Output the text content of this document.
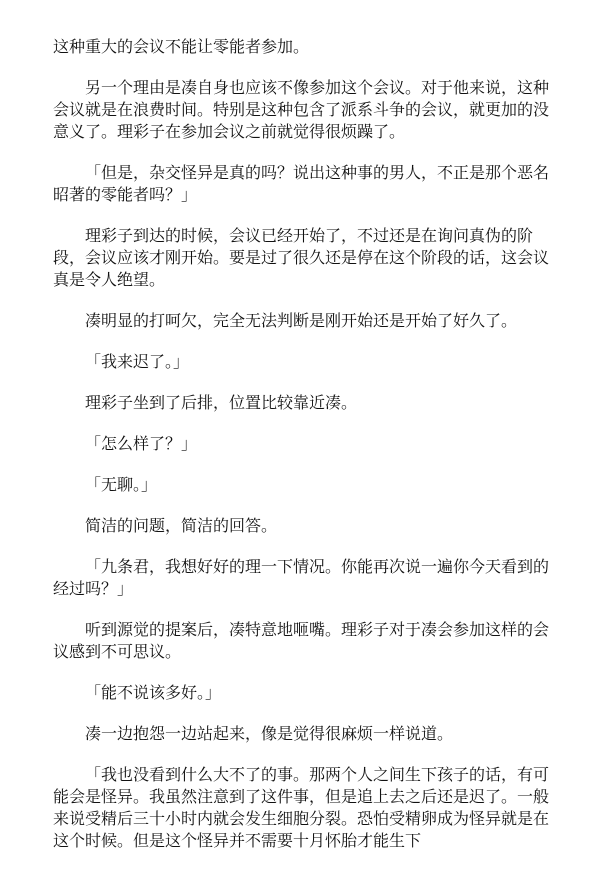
这种重大的会议不能让零能者参加。

另一个理由是凑自身也应该不像参加这个会议。对于他来说，这种会议就是在浪费时间。特别是这种包含了派系斗争的会议，就更加的没意义了。理彩子在参加会议之前就觉得很烦躁了。

「但是，杂交怪异是真的吗？说出这种事的男人，不正是那个恶名昭著的零能者吗？」

理彩子到达的时候，会议已经开始了，不过还是在询问真伪的阶段，会议应该才刚开始。要是过了很久还是停在这个阶段的话，这会议真是令人绝望。

凑明显的打呵欠，完全无法判断是刚开始还是开始了好久了。

「我来迟了。」

理彩子坐到了后排，位置比较靠近凑。

「怎么样了？」

「无聊。」

简洁的问题，简洁的回答。

「九条君，我想好好的理一下情况。你能再次说一遍你今天看到的经过吗？」

听到源觉的提案后，凑特意地咂嘴。理彩子对于凑会参加这样的会议感到不可思议。

「能不说该多好。」

凑一边抱怨一边站起来，像是觉得很麻烦一样说道。

「我也没看到什么大不了的事。那两个人之间生下孩子的话，有可能会是怪异。我虽然注意到了这件事，但是追上去之后还是迟了。一般来说受精后三十小时内就会发生细胞分裂。恐怕受精卵成为怪异就是在这个时候。但是这个怪异并不需要十月怀胎才能生下
